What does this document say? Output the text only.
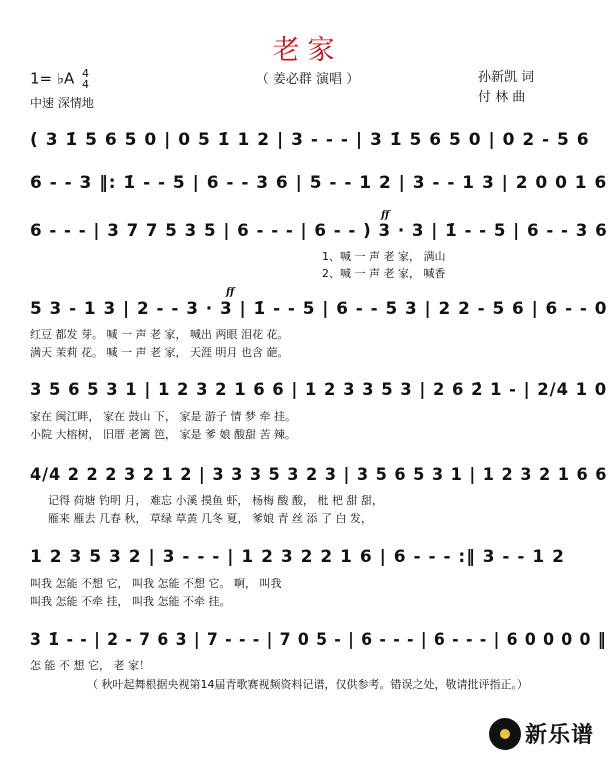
老家
（ 姜必群 演唱 ）	孙新凯 词
付 林 曲
1= ♭A 4
4
中速 深情地
( 3 1̇ 5 6 5 0 | 0 5 1̇ 1 2 | 3 - - - | 3 1̇ 5 6 5 0 | 0 2 - 5 6
6 - - 3 ‖: 1̇ - - 5 | 6 - - 3 6 | 5 - - 1 2 | 3 - - 1 3 | 2 0 0 1 6
ff
6 - - - | 3 7 7 5 3 5 | 6 - - - | 6 - - ) 3 · 3 | 1̇ - - 5 | 6 - - 3 6
1、喊 一 声 老 家， 满山
2、喊 一 声 老 家， 喊香
ff
5 3 - 1 3 | 2 - - 3 · 3 | 1̇ - - 5 | 6 - - 5 3 | 2 2 - 5 6 | 6 - - 0
红豆 都发 芽。 喊 一 声 老 家， 喊出 两眼 泪花 花。
满天 茉莉 花。 喊 一 声 老 家， 天涯 明月 也含 葩。
3 5 6 5 3 1 | 1 2 3 2 1 6 6 | 1 2 3 3 5 3 | 2 6 2̇ 1 - | 2/4 1 0
家在 闽江畔， 家在 鼓山 下， 家是 游子 情 梦 牵 挂。
小院 大榕树， 旧厝 老篱 笆， 家是 爹 娘 酸甜 苦 辣。
4/4 2 2 2 3 2 1 2 | 3 3 3 5 3 2 3 | 3 5 6 5 3 1 | 1 2 3 2 1 6 6
记得 荷塘 钓明 月， 难忘 小溪 摸鱼 虾， 杨梅 酸 酸， 枇 杷 甜 甜，
雁来 雁去 几春 秋， 草绿 草黄 几冬 夏， 爹娘 青 丝 添 了 白 发，
1 2 3 5 3 2 | 3 - - - | 1 2 3 2 2 1 6 | 6 - - - :‖ 3 - - 1 2
叫我 怎能 不想 它， 叫我 怎能 不想 它。 啊， 叫我
叫我 怎能 不牵 挂， 叫我 怎能 不牵 挂。
3 1̇ - - | 2 - 7 6 3 | 7 - - - | 7 0 5 - | 6 - - - | 6 - - - | 6 0 0 0 0 ‖
怎 能 不 想 它， 老 家！
（ 秋叶起舞根据央视第14届青歌赛视频资料记谱，仅供参考。错误之处，敬请批评指正。）
新乐谱
